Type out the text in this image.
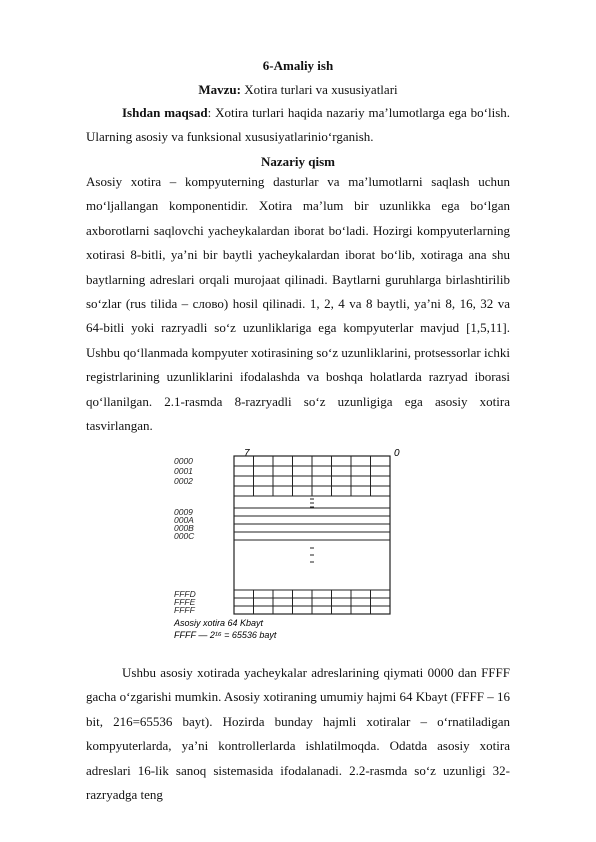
6-Amaliy ish
Mavzu: Xotira turlari va xususiyatlari

Ishdan maqsad: Xotira turlari haqida nazariy ma’lumotlarga ega bo‘lish. Ularning asosiy va funksional xususiyatlarinio‘rganish.

Nazariy qism

Asosiy xotira – kompyuterning dasturlar va ma’lumotlarni saqlash uchun mo‘ljallangan komponentidir. Xotira ma’lum bir uzunlikka ega bo‘lgan axborotlarni saqlovchi yacheykalardan iborat bo‘ladi. Hozirgi kompyuterlarning xotirasi 8-bitli, ya’ni bir baytli yacheykalardan iborat bo‘lib, xotiraga ana shu baytlarning adreslari orqali murojaat qilinadi. Baytlarni guruhlarga birlashtirilib so‘zlar (rus tilida – слово) hosil qilinadi. 1, 2, 4 va 8 baytli, ya’ni 8, 16, 32 va 64-bitli yoki razryadli so‘z uzunliklariga ega kompyuterlar mavjud [1,5,11]. Ushbu qo‘llanmada kompyuter xotirasining so‘z uzunliklarini, protsessorlar ichki registrlarining uzunliklarini ifodalashda va boshqa holatlarda razryad iborasi qo‘llanilgan. 2.1-rasmda 8-razryadli so‘z uzunligiga ega asosiy xotira tasvirlangan.

7	0
0000
0001
0002
0009
000A
000B
000C
FFFD
FFFE
FFFF
Asosiy xotira 64 Kbayt
FFFF — 2¹⁶ = 65536 bayt

Ushbu asosiy xotirada yacheykalar adreslarining qiymati 0000 dan FFFF gacha o‘zgarishi mumkin. Asosiy xotiraning umumiy hajmi 64 Kbayt (FFFF – 16 bit, 216=65536 bayt). Hozirda bunday hajmli xotiralar – o‘rnatiladigan kompyuterlarda, ya’ni kontrollerlarda ishlatilmoqda. Odatda asosiy xotira adreslari 16-lik sanoq sistemasida ifodalanadi. 2.2-rasmda so‘z uzunligi 32-razryadga teng
